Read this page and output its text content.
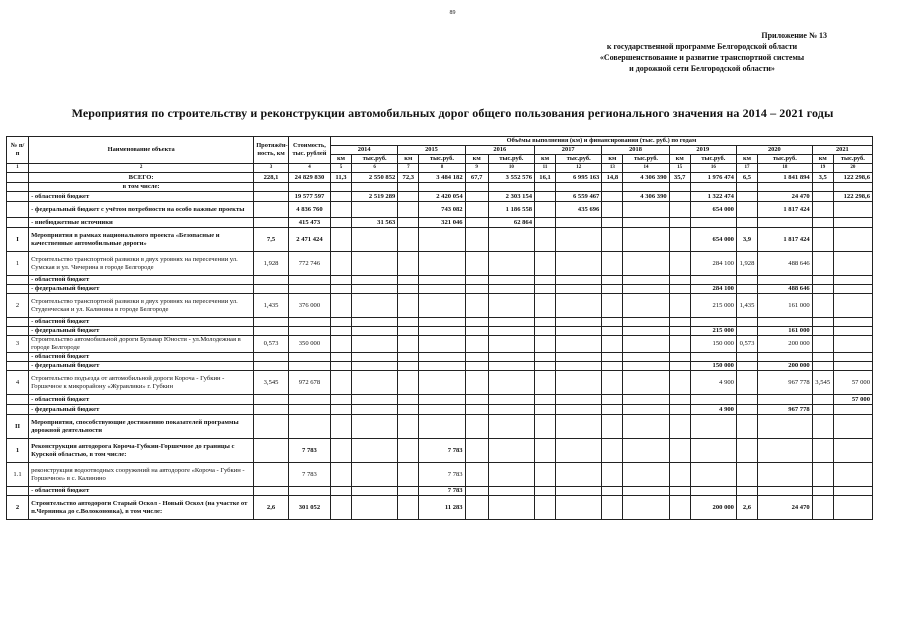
89
Приложение № 13
к государственной программе Белгородской области
«Совершенствование и развитие транспортной системы
и дорожной сети Белгородской области»
Мероприятия по строительству и реконструкции автомобильных дорог общего пользования регионального значения на 2014 – 2021 годы
№ п/п	Наименование объекта	Протяжён-ность, км	Стоимость, тыс. рублей	Объёмы выполнения (км) и финансирования (тыс. руб.) по годам															
				2014		2015		2016		2017		2018		2019		2020		2021	
				км	тыс.руб.	км	тыс.руб.	км	тыс.руб.	км	тыс.руб.	км	тыс.руб.	км	тыс.руб.	км	тыс.руб.	км	тыс.руб.
1	2	3	4	5	6	7	8	9	10	11	12	13	14	15	16	17	18	19	20
	ВСЕГО:	228,1	24 829 830	11,3	2 550 852	72,3	3 484 182	67,7	3 552 576	16,1	6 995 163	14,8	4 306 390	35,7	1 976 474	6,5	1 841 894	3,5	122 298,6
	в том числе:																		
	- областной бюджет		19 577 597		2 519 289		2 420 054		2 303 154		6 559 467		4 306 390		1 322 474		24 470		122 298,6
	- федеральный бюджет с учётом потребности на особо важные проекты		4 836 760				743 082		1 186 558		435 696				654 000		1 817 424		
	- внебюджетные источники		415 473		31 563		321 046		62 864										
I	Мероприятия в рамках национального проекта «Безопасные и качественные автомобильные дороги»	7,5	2 471 424												654 000	3,9	1 817 424		
1	Строительство транспортной развязки в двух уровнях на пересечении ул. Сумская и ул. Чичерина в городе Белгороде	1,928	772 746												284 100	1,928	488 646		
	- областной бюджет																		
	- федеральный бюджет														284 100		488 646		
2	Строительство транспортной развязки в двух уровнях на пересечении ул. Студенческая и ул. Калинина в городе Белгороде	1,435	376 000												215 000	1,435	161 000		
	- областной бюджет																		
	- федеральный бюджет														215 000		161 000		
3	Строительство автомобильной дороги Бульвар Юности - ул.Молодежная в городе Белгороде	0,573	350 000												150 000	0,573	200 000		
	- областной бюджет																		
	- федеральный бюджет														150 000		200 000		
4	Строительство подъезда от автомобильной дороги Короча - Губкин - Горшечное к микрорайону «Журавлики» г. Губкин	3,545	972 678												4 900		967 778	3,545	57 000
	- областной бюджет																		57 000
	- федеральный бюджет														4 900		967 778		
II	Мероприятия, способствующие достижению показателей программы дорожной деятельности																		
1	Реконструкция автодорога Короча-Губкин-Горшечное до границы с Курской областью, в том числе:		7 783				7 783												
1.1	реконструкция водоотводных сооружений на автодороге «Короча - Губкин - Горшечное» в с. Калинино		7 783				7 783												
	- областной бюджет						7 783												
2	Строительство автодороги Старый Оскол - Новый Оскол (на участке от п.Чернянка до с.Волоконовка), в том числе:	2,6	301 052				11 283								200 000	2,6	24 470		
